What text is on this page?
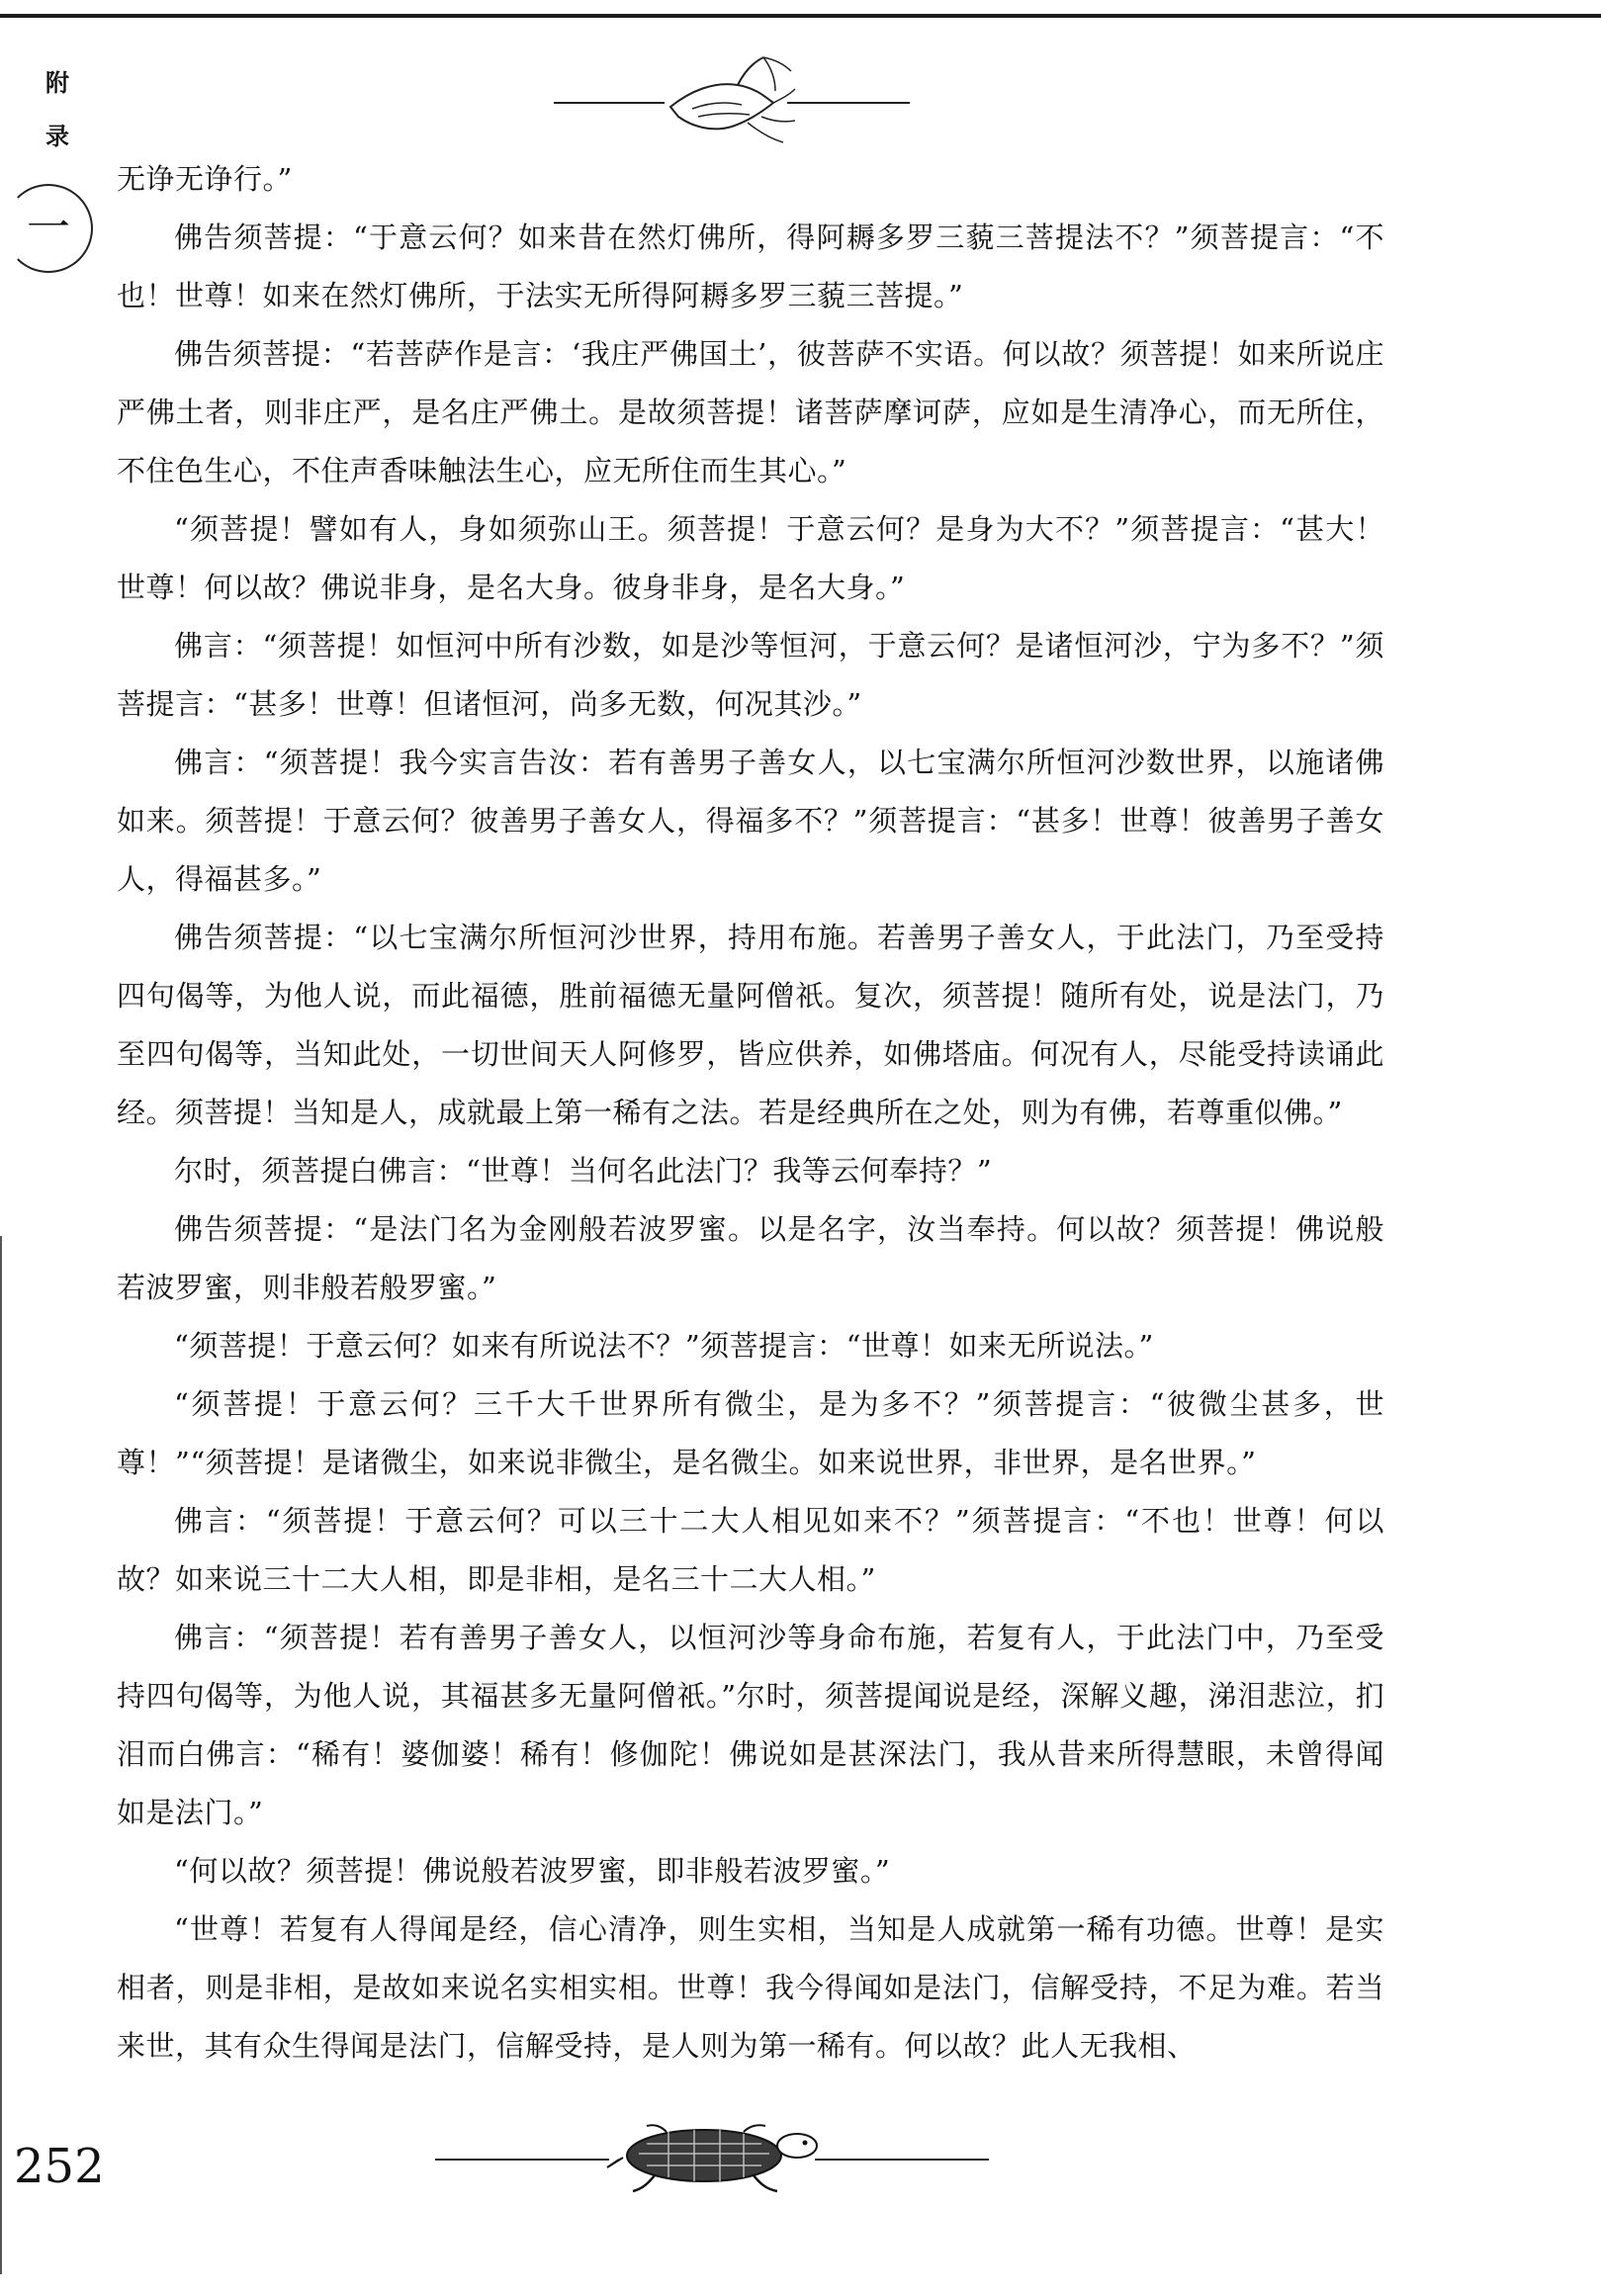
附
录
一

无诤无诤行。”

佛告须菩提：“于意云何？如来昔在然灯佛所，得阿耨多罗三藐三菩提法不？”须菩提言：“不也！世尊！如来在然灯佛所，于法实无所得阿耨多罗三藐三菩提。”

佛告须菩提：“若菩萨作是言：‘我庄严佛国土’，彼菩萨不实语。何以故？须菩提！如来所说庄严佛土者，则非庄严，是名庄严佛土。是故须菩提！诸菩萨摩诃萨，应如是生清净心，而无所住，不住色生心，不住声香味触法生心，应无所住而生其心。”

“须菩提！譬如有人，身如须弥山王。须菩提！于意云何？是身为大不？”须菩提言：“甚大！世尊！何以故？佛说非身，是名大身。彼身非身，是名大身。”

佛言：“须菩提！如恒河中所有沙数，如是沙等恒河，于意云何？是诸恒河沙，宁为多不？”须菩提言：“甚多！世尊！但诸恒河，尚多无数，何况其沙。”

佛言：“须菩提！我今实言告汝：若有善男子善女人，以七宝满尔所恒河沙数世界，以施诸佛如来。须菩提！于意云何？彼善男子善女人，得福多不？”须菩提言：“甚多！世尊！彼善男子善女人，得福甚多。”

佛告须菩提：“以七宝满尔所恒河沙世界，持用布施。若善男子善女人，于此法门，乃至受持四句偈等，为他人说，而此福德，胜前福德无量阿僧祇。复次，须菩提！随所有处，说是法门，乃至四句偈等，当知此处，一切世间天人阿修罗，皆应供养，如佛塔庙。何况有人，尽能受持读诵此经。须菩提！当知是人，成就最上第一稀有之法。若是经典所在之处，则为有佛，若尊重似佛。”

尔时，须菩提白佛言：“世尊！当何名此法门？我等云何奉持？”

佛告须菩提：“是法门名为金刚般若波罗蜜。以是名字，汝当奉持。何以故？须菩提！佛说般若波罗蜜，则非般若般罗蜜。”

“须菩提！于意云何？如来有所说法不？”须菩提言：“世尊！如来无所说法。”

“须菩提！于意云何？三千大千世界所有微尘，是为多不？”须菩提言：“彼微尘甚多，世尊！”“须菩提！是诸微尘，如来说非微尘，是名微尘。如来说世界，非世界，是名世界。”

佛言：“须菩提！于意云何？可以三十二大人相见如来不？”须菩提言：“不也！世尊！何以故？如来说三十二大人相，即是非相，是名三十二大人相。”

佛言：“须菩提！若有善男子善女人，以恒河沙等身命布施，若复有人，于此法门中，乃至受持四句偈等，为他人说，其福甚多无量阿僧祇。”尔时，须菩提闻说是经，深解义趣，涕泪悲泣，扪泪而白佛言：“稀有！婆伽婆！稀有！修伽陀！佛说如是甚深法门，我从昔来所得慧眼，未曾得闻如是法门。”

“何以故？须菩提！佛说般若波罗蜜，即非般若波罗蜜。”

“世尊！若复有人得闻是经，信心清净，则生实相，当知是人成就第一稀有功德。世尊！是实相者，则是非相，是故如来说名实相实相。世尊！我今得闻如是法门，信解受持，不足为难。若当来世，其有众生得闻是法门，信解受持，是人则为第一稀有。何以故？此人无我相、

252
